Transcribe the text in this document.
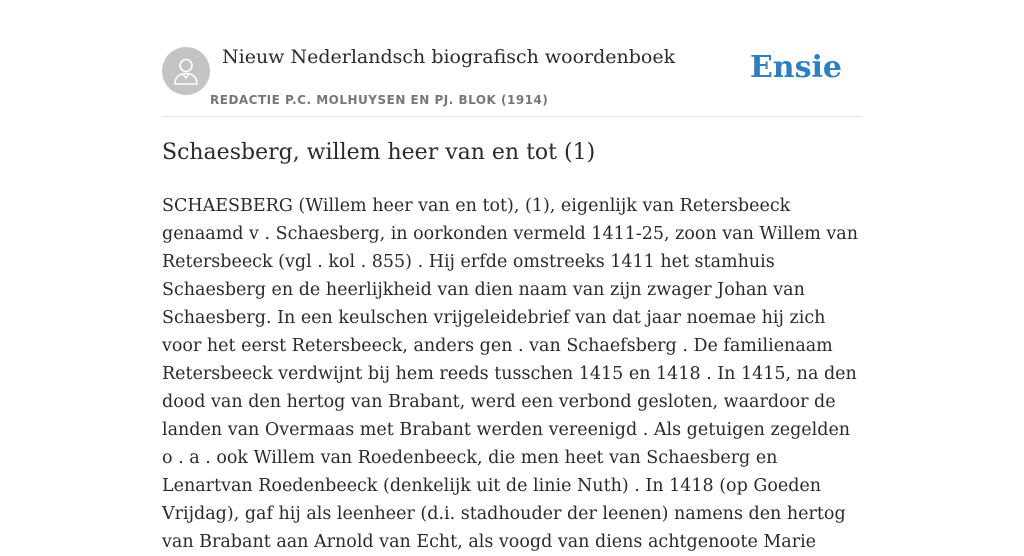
Nieuw Nederlandsch biografisch woordenboek
REDACTIE P.C. MOLHUYSEN EN PJ. BLOK (1914)
Ensie
Schaesberg, willem heer van en tot (1)

SCHAESBERG (Willem heer van en tot), (1), eigenlijk van Retersbeeck genaamd v . Schaesberg, in oorkonden vermeld 1411-25, zoon van Willem van Retersbeeck (vgl . kol . 855) . Hij erfde omstreeks 1411 het stamhuis Schaesberg en de heerlijkheid van dien naam van zijn zwager Johan van Schaesberg. In een keulschen vrijgeleidebrief van dat jaar noemae hij zich voor het eerst Retersbeeck, anders gen . van Schaefsberg . De familienaam Retersbeeck verdwijnt bij hem reeds tusschen 1415 en 1418 . In 1415, na den dood van den hertog van Brabant, werd een verbond gesloten, waardoor de landen van Overmaas met Brabant werden vereenigd . Als getuigen zegelden o . a . ook Willem van Roedenbeeck, die men heet van Schaesberg en Lenartvan Roedenbeeck (denkelijk uit de linie Nuth) . In 1418 (op Goeden Vrijdag), gaf hij als leenheer (d.i. stadhouder der leenen) namens den hertog van Brabant aan Arnold van Echt, als voogd van diens achtgenoote Marie
